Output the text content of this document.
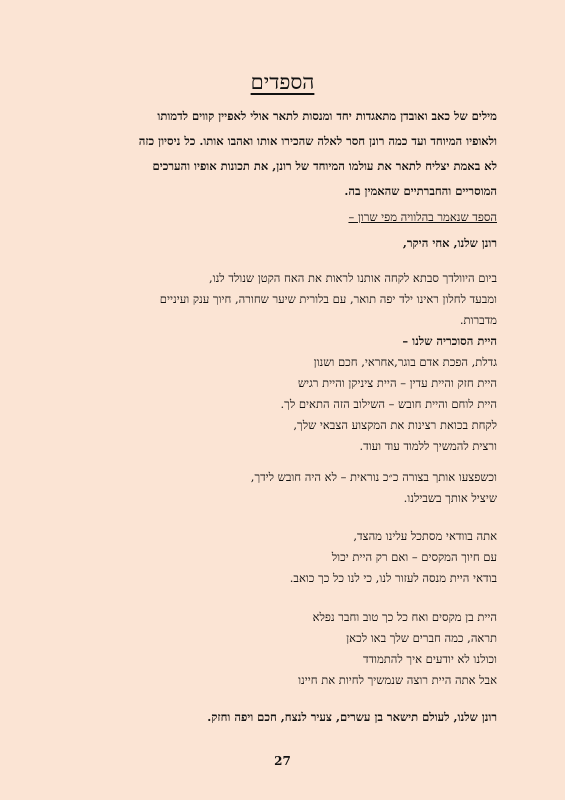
הספדים
מילים של כאב ואובדן מתאגדות יחד ומנסות לתאר אולי לאפיין קווים לדמותו
ולאופיו המיוחד ועד כמה רונן חסר לאלה שהכירו אותו ואהבו אותו. כל ניסיון כזה
לא באמת יצליח לתאר את עולמו המיוחד של רונן, את תכונות אופיו והערכים
המוסריים והחברתיים שהאמין בה.
הספד שנאמר בהלוויה מפי שרון –
רונן שלנו, אחי היקר,
ביום היוולדך סבתא לקחה אותנו לראות את האח הקטן שנולד לנו,
ומבעד לחלון ראינו ילד יפה תואר, עם בלורית שיער שחורה, חיוך ענק ועיניים
מדברות.
היית הסוכריה שלנו –
גדלת, הפכת אדם בוגר,אחראי, חכם ושנון
היית חזק והיית עדין – היית ציניקן והיית רגיש
היית לוחם והיית חובש – השילוב הזה התאים לך.
לקחת בכואת רצינות את המקצוע הצבאי שלך,
ורצית להמשיך ללמוד עוד ועוד.
וכשפצעו אותך בצורה כ״כ נוראית – לא היה חובש לידך,
שיציל אותך בשבילנו.
אתה בוודאי מסתכל עלינו מהצד,
עם חיוך המקסים – ואם רק היית יכול
בודאי היית מנסה לעזור לנו, כי לנו כל כך כואב.
היית בן מקסים ואח כל כך טוב וחבר נפלא
תראה, כמה חברים שלך באו לכאן
וכולנו לא יודעים איך להתמודד
אבל אתה היית רוצה שנמשיך לחיות את חיינו
רונן שלנו, לעולם תישאר בן עשרים, צעיר לנצח, חכם ויפה וחזק.
27
